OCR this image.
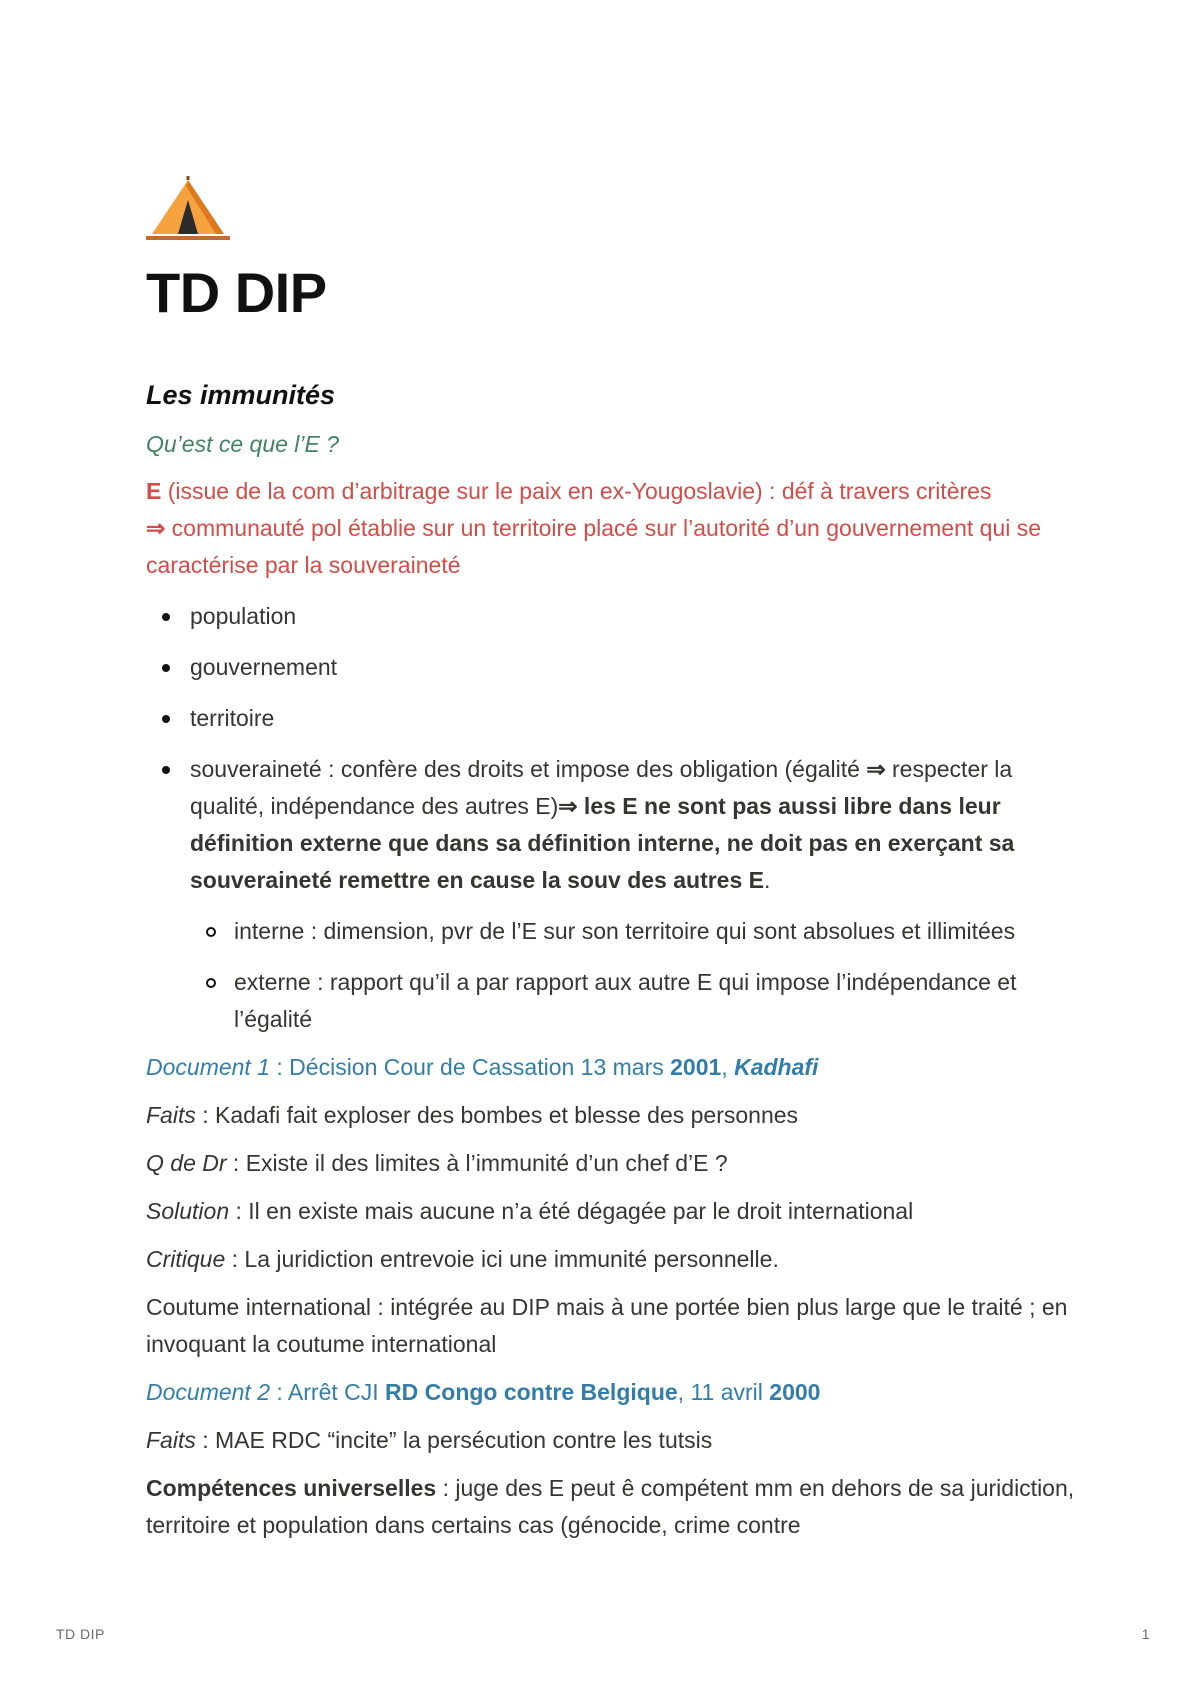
TD DIP
Les immunités

Qu’est ce que l’E ?

E (issue de la com d’arbitrage sur le paix en ex-Yougoslavie) : déf à travers critères
⇒ communauté pol établie sur un territoire placé sur l’autorité d’un gouvernement qui se caractérise par la souveraineté

population
gouvernement
territoire
souveraineté : confère des droits et impose des obligation (égalité ⇒ respecter la qualité, indépendance des autres E)⇒ les E ne sont pas aussi libre dans leur définition externe que dans sa définition interne, ne doit pas en exerçant sa souveraineté remettre en cause la souv des autres E.
interne : dimension, pvr de l’E sur son territoire qui sont absolues et illimitées
externe : rapport qu’il a par rapport aux autre E qui impose l’indépendance et l’égalité

Document 1 : Décision Cour de Cassation 13 mars 2001, Kadhafi

Faits : Kadafi fait exploser des bombes et blesse des personnes

Q de Dr : Existe il des limites à l’immunité d’un chef d’E ?

Solution : Il en existe mais aucune n’a été dégagée par le droit international

Critique : La juridiction entrevoie ici une immunité personnelle.

Coutume international : intégrée au DIP mais à une portée bien plus large que le traité ; en invoquant la coutume international

Document 2 : Arrêt CJI RD Congo contre Belgique, 11 avril 2000

Faits : MAE RDC “incite” la persécution contre les tutsis

Compétences universelles : juge des E peut ê compétent mm en dehors de sa juridiction, territoire et population dans certains cas (génocide, crime contre

TD DIP	1
